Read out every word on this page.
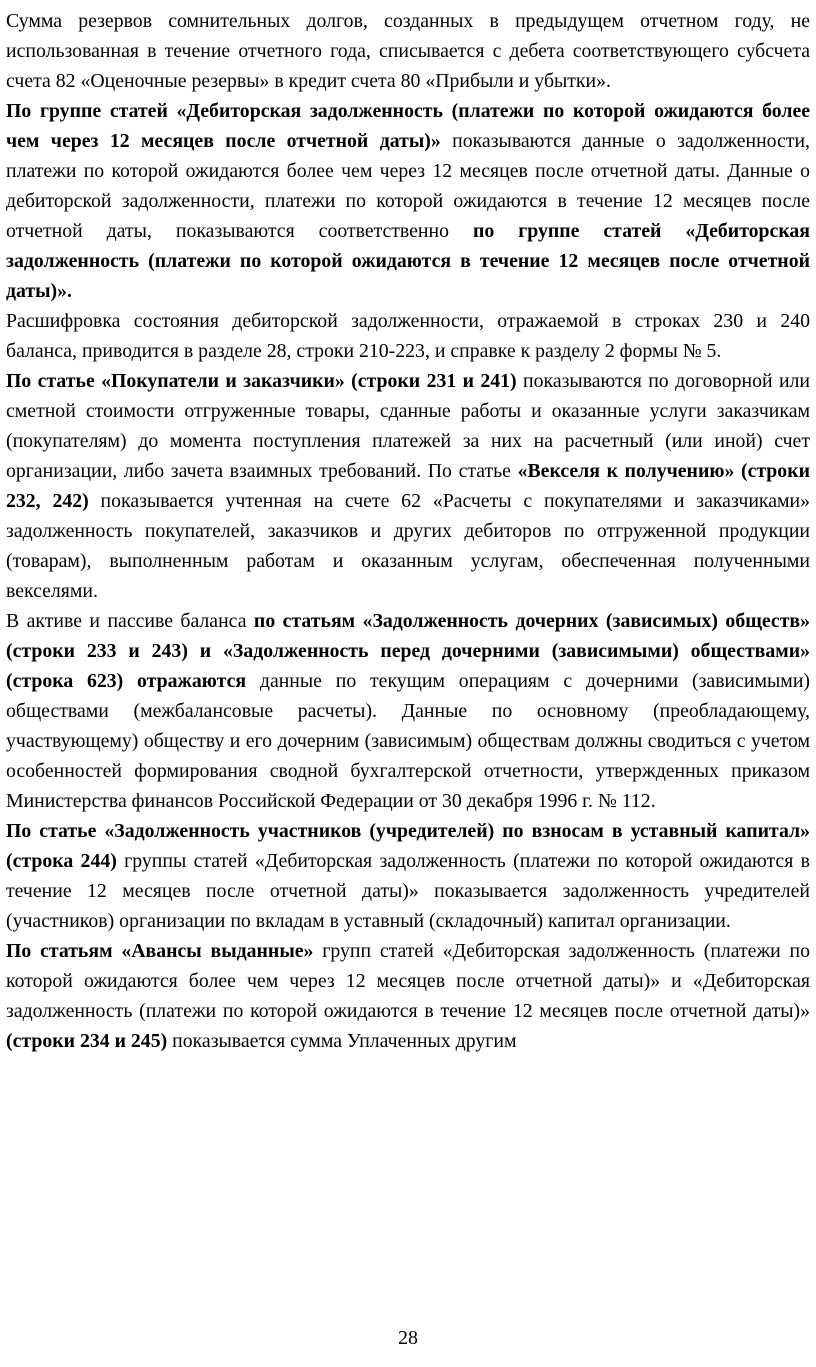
Сумма резервов сомнительных долгов, созданных в предыдущем отчетном году, не использованная в течение отчетного года, списывается с дебета соответствующего субсчета счета 82 «Оценочные резервы» в кредит счета 80 «Прибыли и убытки».

По группе статей «Дебиторская задолженность (платежи по которой ожидаются более чем через 12 месяцев после отчетной даты)» показываются данные о задолженности, платежи по которой ожидаются более чем через 12 месяцев после отчетной даты. Данные о дебиторской задолженности, платежи по которой ожидаются в течение 12 месяцев после отчетной даты, показываются соответственно по группе статей «Дебиторская задолженность (платежи по которой ожидаются в течение 12 месяцев после отчетной даты)».

Расшифровка состояния дебиторской задолженности, отражаемой в строках 230 и 240 баланса, приводится в разделе 28, строки 210-223, и справке к разделу 2 формы № 5.

По статье «Покупатели и заказчики» (строки 231 и 241) показываются по договорной или сметной стоимости отгруженные товары, сданные работы и оказанные услуги заказчикам (покупателям) до момента поступления платежей за них на расчетный (или иной) счет организации, либо зачета взаимных требований. По статье «Векселя к получению» (строки 232, 242) показывается учтенная на счете 62 «Расчеты с покупателями и заказчиками» задолженность покупателей, заказчиков и других дебиторов по отгруженной продукции (товарам), выполненным работам и оказанным услугам, обеспеченная полученными векселями.

В активе и пассиве баланса по статьям «Задолженность дочерних (зависимых) обществ» (строки 233 и 243) и «Задолженность перед дочерними (зависимыми) обществами» (строка 623) отражаются данные по текущим операциям с дочерними (зависимыми) обществами (межбалансовые расчеты). Данные по основному (преобладающему, участвующему) обществу и его дочерним (зависимым) обществам должны сводиться с учетом особенностей формирования сводной бухгалтерской отчетности, утвержденных приказом Министерства финансов Российской Федерации от 30 декабря 1996 г. № 112.

По статье «Задолженность участников (учредителей) по взносам в уставный капитал» (строка 244) группы статей «Дебиторская задолженность (платежи по которой ожидаются в течение 12 месяцев после отчетной даты)» показывается задолженность учредителей (участников) организации по вкладам в уставный (складочный) капитал организации.

По статьям «Авансы выданные» групп статей «Дебиторская задолженность (платежи по которой ожидаются более чем через 12 месяцев после отчетной даты)» и «Дебиторская задолженность (платежи по которой ожидаются в течение 12 месяцев после отчетной даты)» (строки 234 и 245) показывается сумма Уплаченных другим

28
